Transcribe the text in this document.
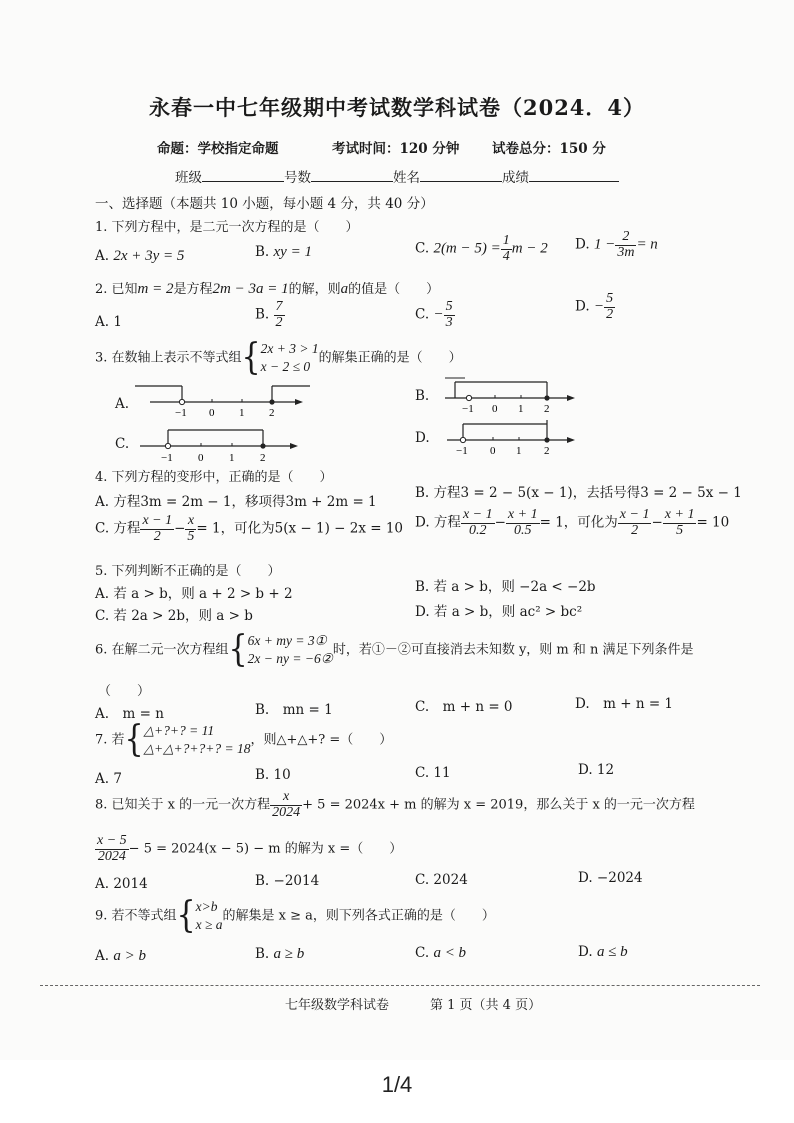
永春一中七年级期中考试数学科试卷（2024．4）
命题：学校指定命题	考试时间：120 分钟 试卷总分：150 分
班级	号数	姓名	成绩
一、选择题（本题共 10 小题，每小题 4 分，共 40 分）
1. 下列方程中，是二元一次方程的是（　　）
A. 2x + 3y = 5	B. xy = 1	C. $2(m - 5) = \frac{1}{4}$ m − 2 D. $1 - \frac{2}{3m} = n$
2. 已知m = 2是方程2m − 3a = 1的解，则a的值是（　　）
A. 1	B. $\frac{7}{2}$	C. − $\frac{5}{3}$	D. − $\frac{5}{2}$
3. 在数轴上表示不等式组{2x + 3 > 1
x − 2 ≤ 0的解集正确的是（　　）
A.
−1 0 1 2
B.
−1 0 1 2
C.
−1 0 1 2
D.
−1 0 1 2
4. 下列方程的变形中，正确的是（　　）
A. 方程3m = 2m − 1，移项得3m + 2m = 1
B. 方程3 = 2 − 5(x − 1)，去括号得3 = 2 − 5x − 1
C. 方程 $\frac{x - 1}{2} - \frac{x}{5} = 1$，可化为5(x − 1) − 2x = 10 D. 方程 $\frac{x - 1}{0.2} - \frac{x + 1}{0.5} = 1$，可化为 $\frac{x - 1}{2} - \frac{x + 1}{5} = 10$
5. 下列判断不正确的是（　　）
A. 若 a > b，则 a + 2 > b + 2	B. 若 a > b，则 −2a < −2b
C. 若 2a > 2b，则 a > b	D. 若 a > b，则 ac² > bc²
6. 在解二元一次方程组{6x + my = 3①
2x − ny = −6②时，若①－②可直接消去未知数 y，则 m 和 n 满足下列条件是
（　　）
A.　m = n	B.　mn = 1	C.　m + n = 0	D.　m + n = 1
7. 若{△+?+? = 11
△+△+?+?+? = 18，则△+△+? =（　　）
A. 7	B. 10	C. 11	D. 12
8. 已知关于 x 的一元一次方程 $\frac{x}{2024} + 5 = 2024x + m$ 的解为 x = 2019，那么关于 x 的一元一次方程
$\frac{x - 5}{2024} - 5 = 2024(x - 5) - m$ 的解为 x =（　　）
A. 2014	B. −2014	C. 2024	D. −2024
9. 若不等式组{x>b
x ≥ a的解集是 x ≥ a，则下列各式正确的是（　　）
A. a > b	B. a ≥ b	C. a < b	D. a ≤ b
七年级数学科试卷	第 1 页（共 4 页）
1/4
